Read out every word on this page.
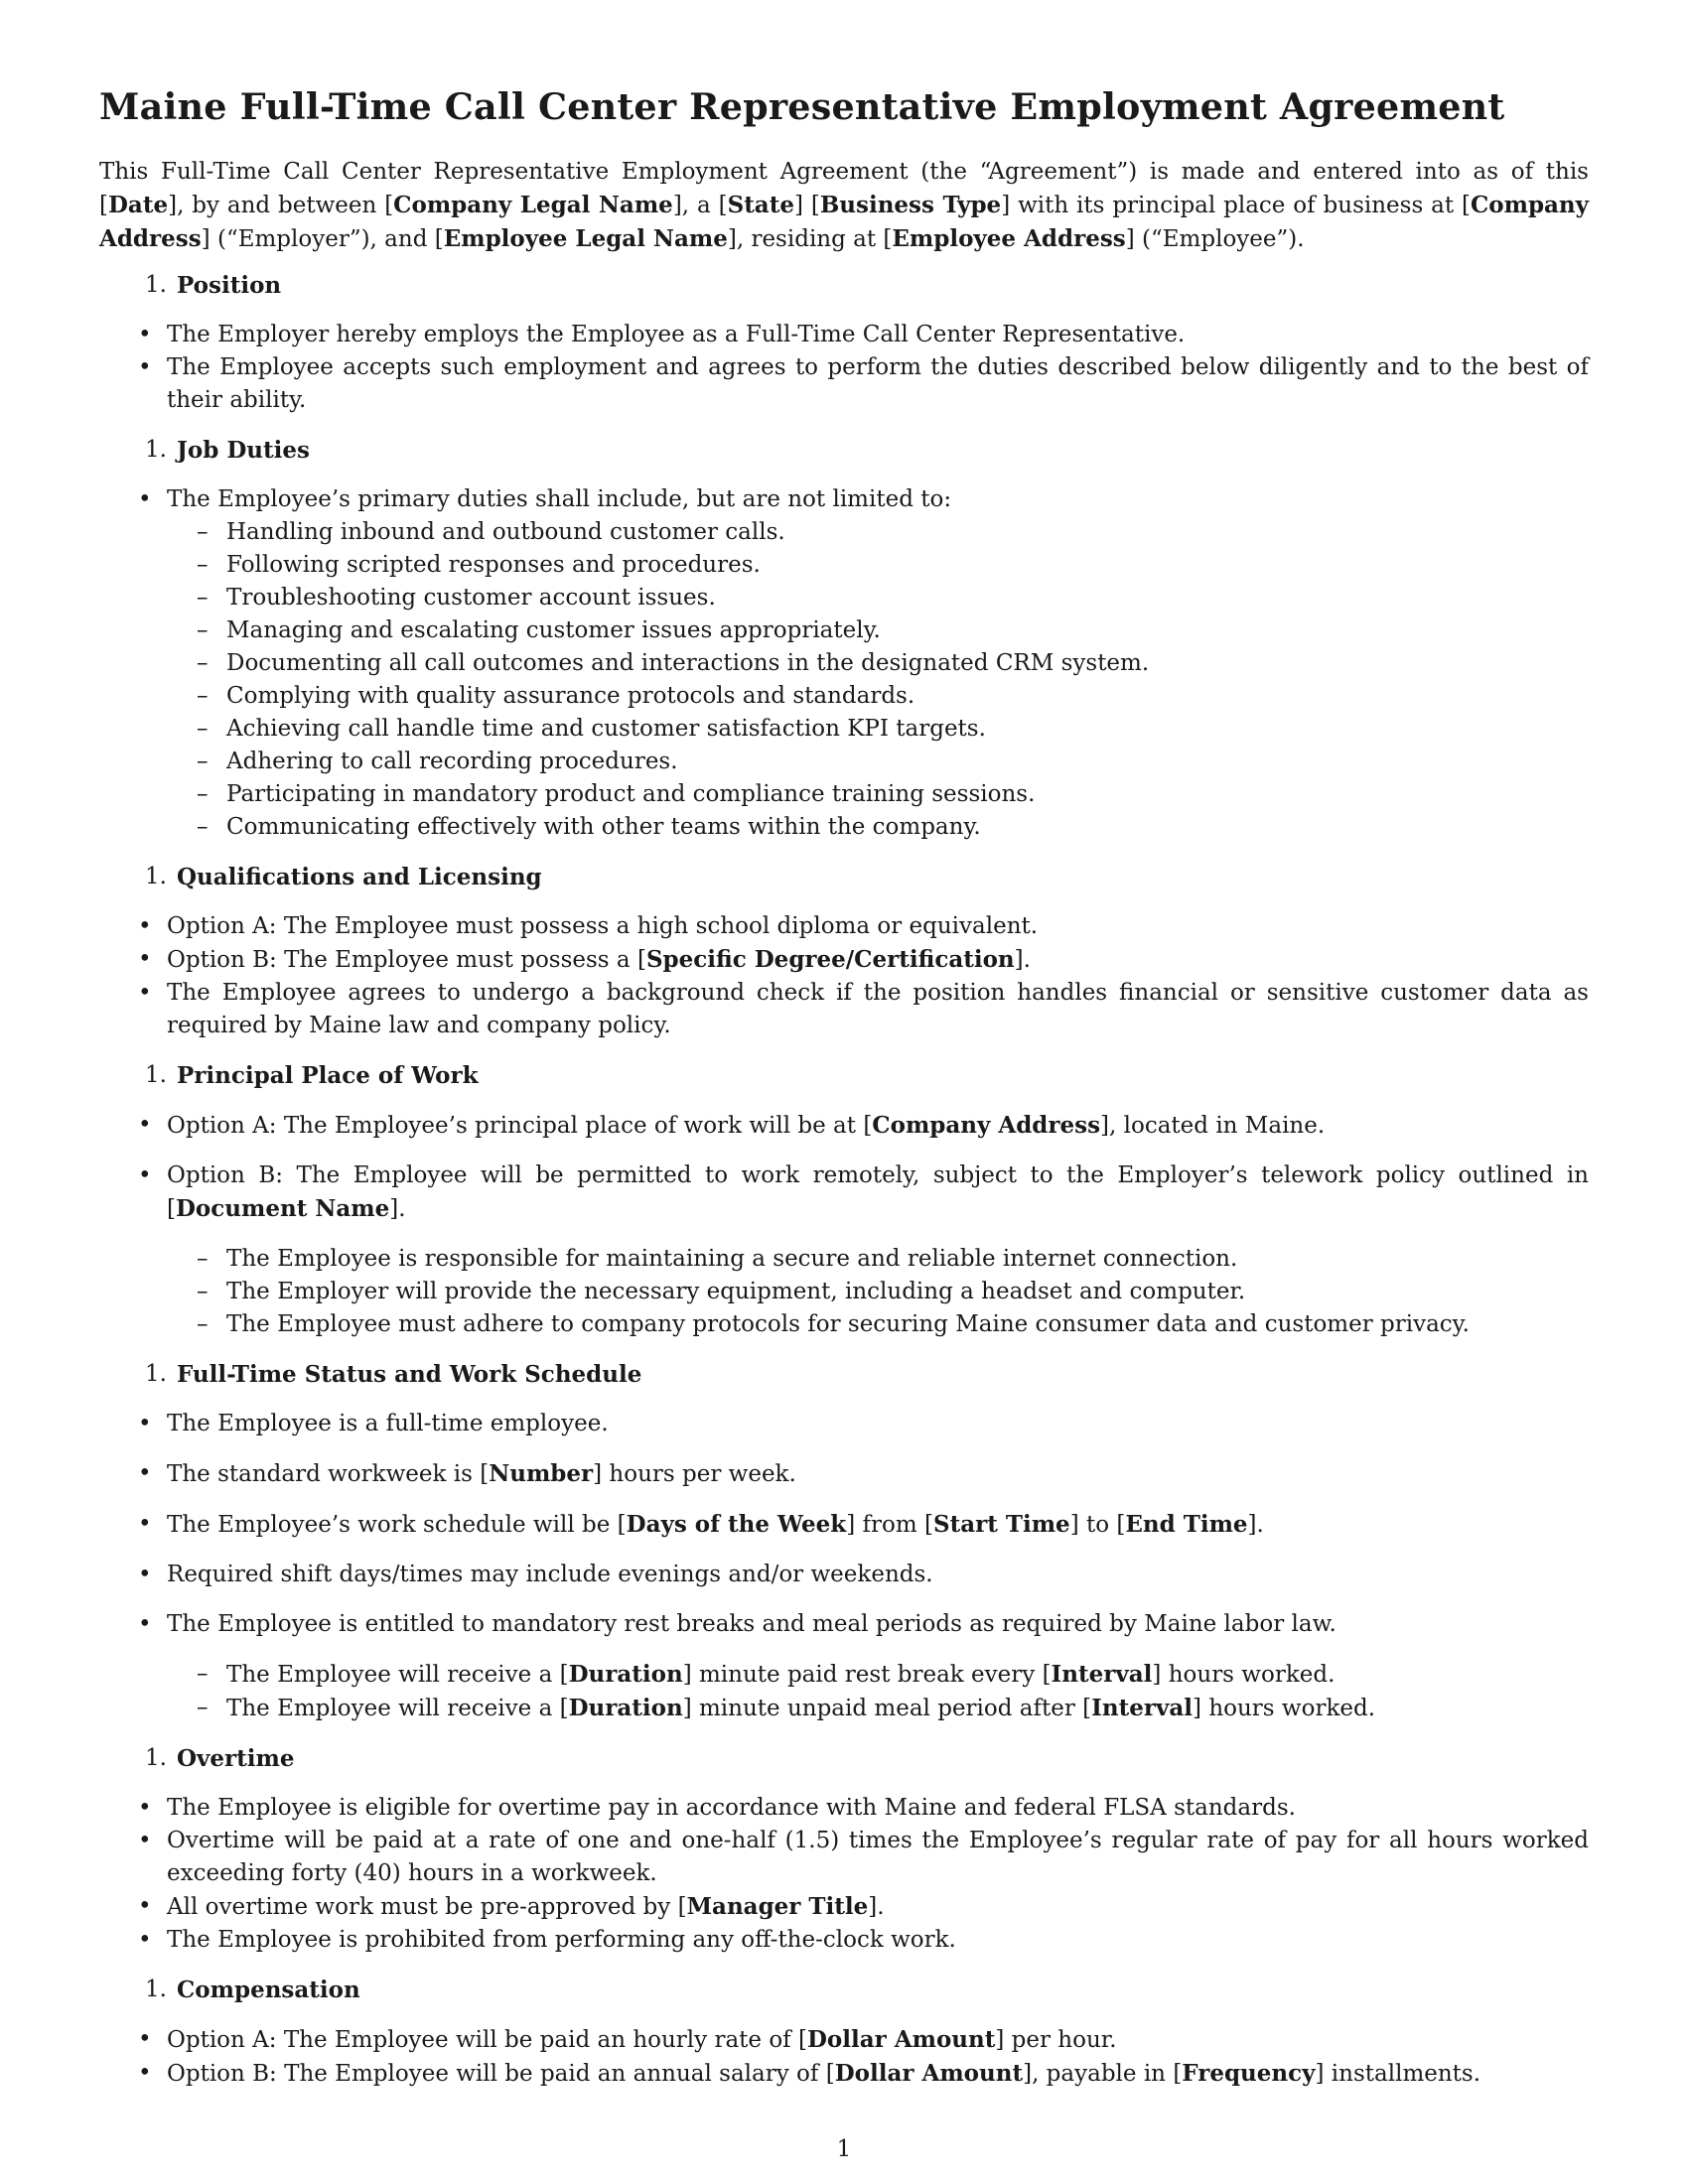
Maine Full-Time Call Center Representative Employment Agreement

This Full-Time Call Center Representative Employment Agreement (the “Agreement”) is made and entered into as of this [Date], by and between [Company Legal Name], a [State] [Business Type] with its principal place of business at [Company Address] (“Employer”), and [Employee Legal Name], residing at [Employee Address] (“Employee”).

1. Position
• The Employer hereby employs the Employee as a Full-Time Call Center Representative.
• The Employee accepts such employment and agrees to perform the duties described below diligently and to the best of their ability.
1. Job Duties
• The Employee’s primary duties shall include, but are not limited to:
– Handling inbound and outbound customer calls.
– Following scripted responses and procedures.
– Troubleshooting customer account issues.
– Managing and escalating customer issues appropriately.
– Documenting all call outcomes and interactions in the designated CRM system.
– Complying with quality assurance protocols and standards.
– Achieving call handle time and customer satisfaction KPI targets.
– Adhering to call recording procedures.
– Participating in mandatory product and compliance training sessions.
– Communicating effectively with other teams within the company.
1. Qualifications and Licensing
• Option A: The Employee must possess a high school diploma or equivalent.
• Option B: The Employee must possess a [Specific Degree/Certification].
• The Employee agrees to undergo a background check if the position handles financial or sensitive customer data as required by Maine law and company policy.
1. Principal Place of Work
• Option A: The Employee’s principal place of work will be at [Company Address], located in Maine.
• Option B: The Employee will be permitted to work remotely, subject to the Employer’s telework policy outlined in [Document Name].
– The Employee is responsible for maintaining a secure and reliable internet connection.
– The Employer will provide the necessary equipment, including a headset and computer.
– The Employee must adhere to company protocols for securing Maine consumer data and customer privacy.
1. Full-Time Status and Work Schedule
• The Employee is a full-time employee.
• The standard workweek is [Number] hours per week.
• The Employee’s work schedule will be [Days of the Week] from [Start Time] to [End Time].
• Required shift days/times may include evenings and/or weekends.
• The Employee is entitled to mandatory rest breaks and meal periods as required by Maine labor law.
– The Employee will receive a [Duration] minute paid rest break every [Interval] hours worked.
– The Employee will receive a [Duration] minute unpaid meal period after [Interval] hours worked.
1. Overtime
• The Employee is eligible for overtime pay in accordance with Maine and federal FLSA standards.
• Overtime will be paid at a rate of one and one-half (1.5) times the Employee’s regular rate of pay for all hours worked exceeding forty (40) hours in a workweek.
• All overtime work must be pre-approved by [Manager Title].
• The Employee is prohibited from performing any off-the-clock work.
1. Compensation
• Option A: The Employee will be paid an hourly rate of [Dollar Amount] per hour.
• Option B: The Employee will be paid an annual salary of [Dollar Amount], payable in [Frequency] installments.
1
